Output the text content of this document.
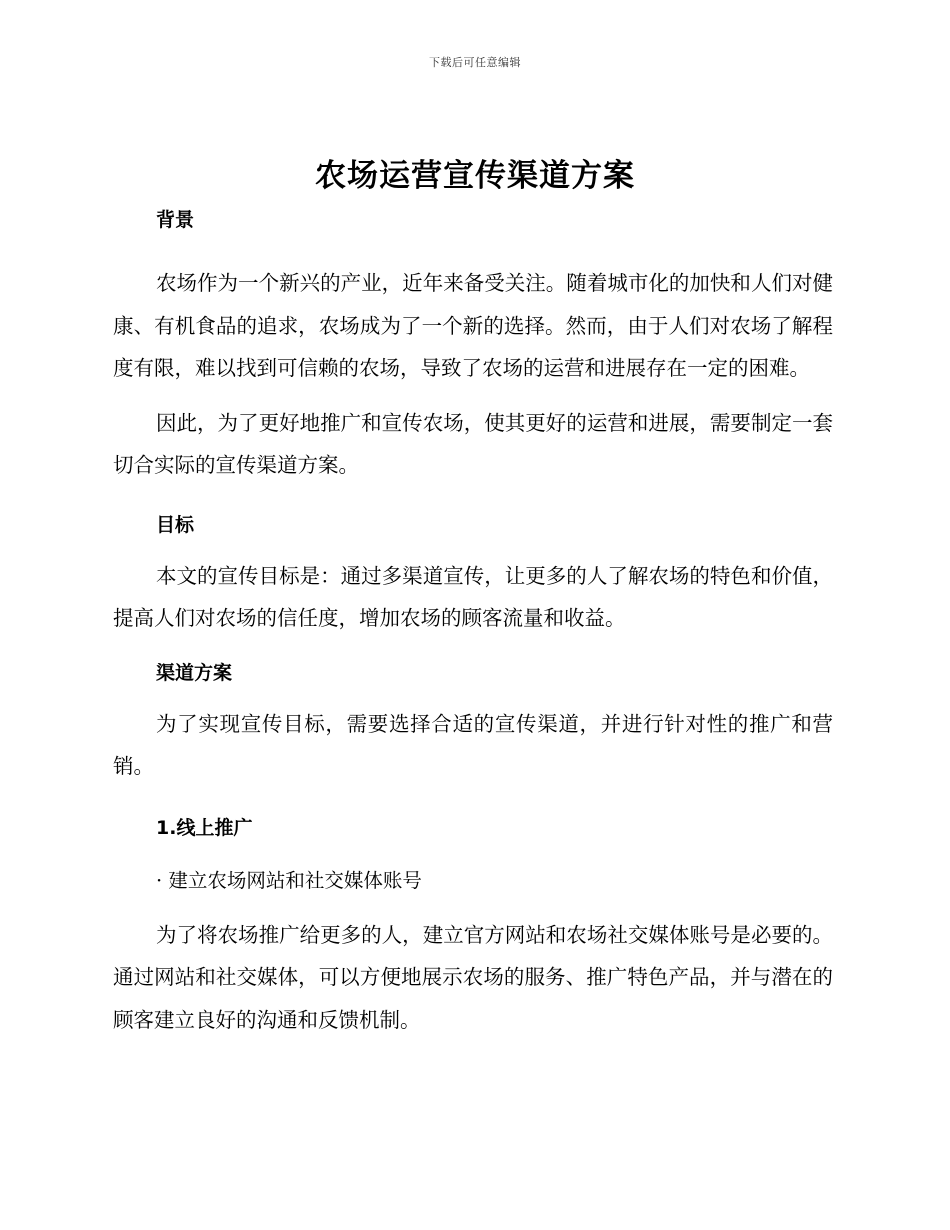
下载后可任意编辑
农场运营宣传渠道方案
背景

农场作为一个新兴的产业，近年来备受关注。随着城市化的加快和人们对健康、有机食品的追求，农场成为了一个新的选择。然而，由于人们对农场了解程度有限，难以找到可信赖的农场，导致了农场的运营和进展存在一定的困难。

因此，为了更好地推广和宣传农场，使其更好的运营和进展，需要制定一套切合实际的宣传渠道方案。

目标

本文的宣传目标是：通过多渠道宣传，让更多的人了解农场的特色和价值，提高人们对农场的信任度，增加农场的顾客流量和收益。

渠道方案

为了实现宣传目标，需要选择合适的宣传渠道，并进行针对性的推广和营销。

1.线上推广

· 建立农场网站和社交媒体账号

为了将农场推广给更多的人，建立官方网站和农场社交媒体账号是必要的。通过网站和社交媒体，可以方便地展示农场的服务、推广特色产品，并与潜在的顾客建立良好的沟通和反馈机制。
